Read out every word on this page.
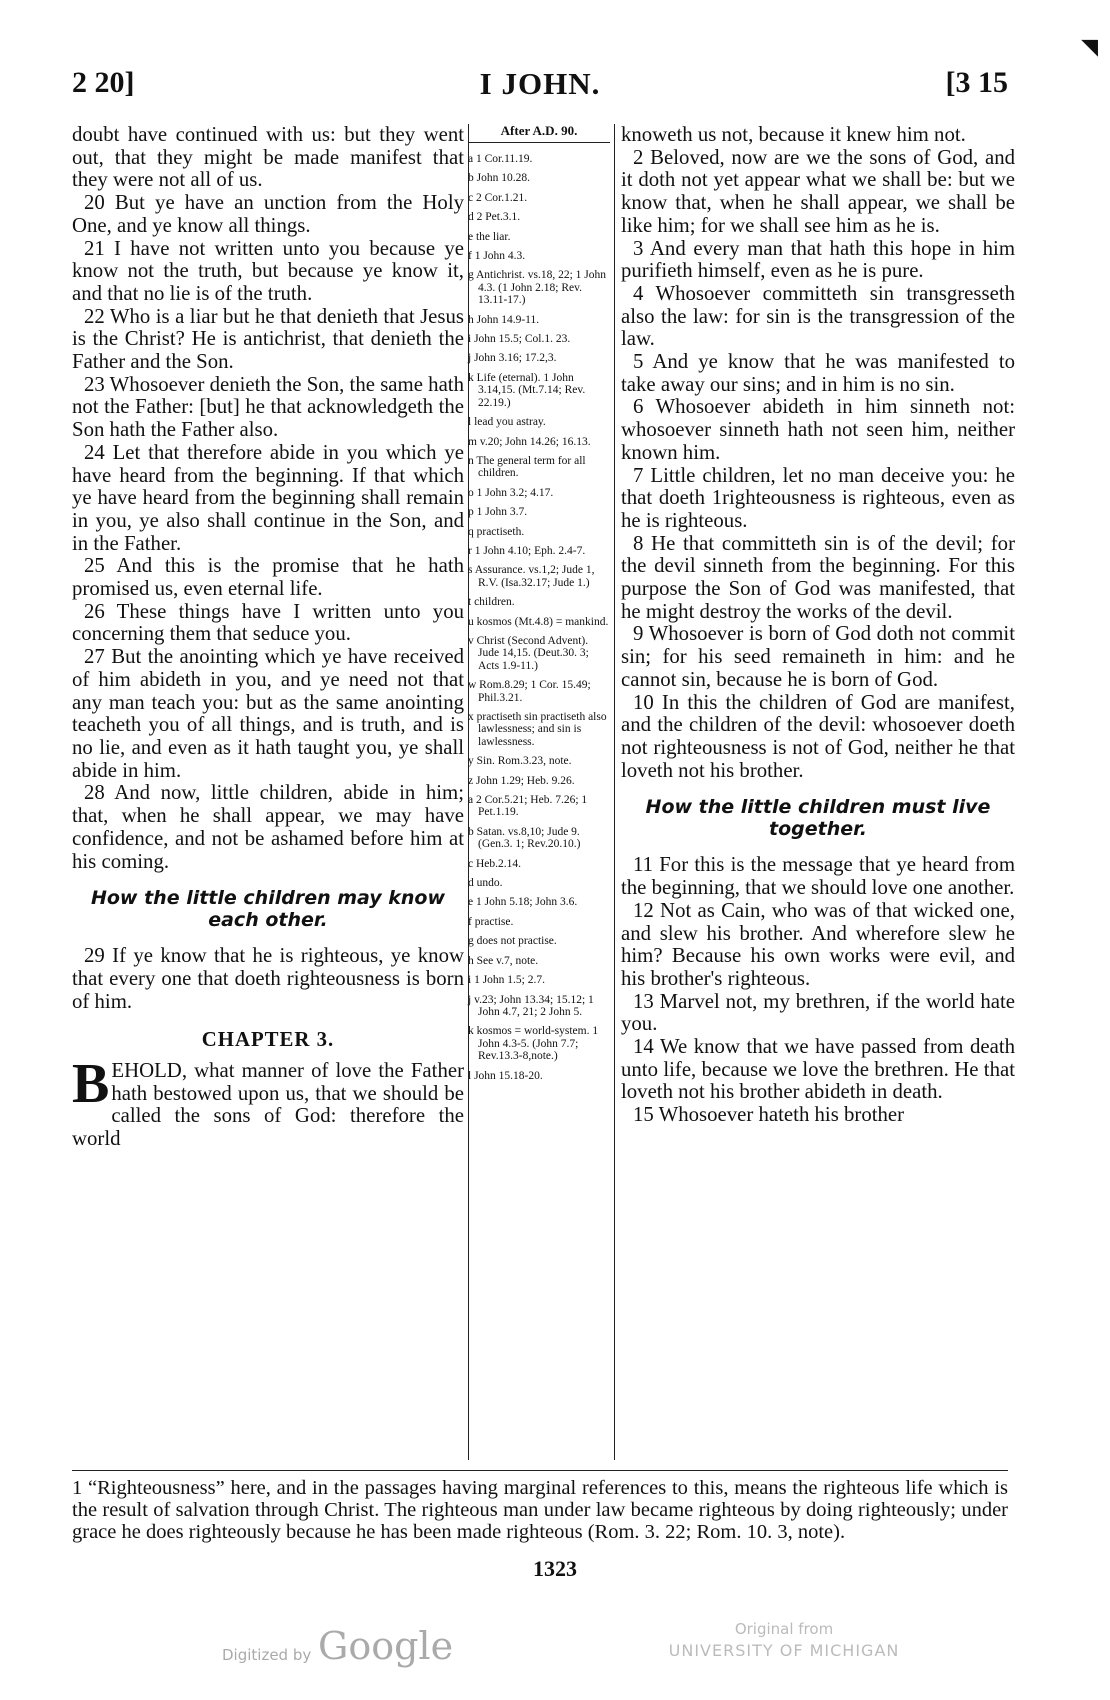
◥
I JOHN.
2 20]	[3 15

doubt have continued with us: but they went out, that they might be made manifest that they were not all of us.

20 But ye have an unction from the Holy One, and ye know all things.

21 I have not written unto you because ye know not the truth, but because ye know it, and that no lie is of the truth.

22 Who is a liar but he that denieth that Jesus is the Christ? He is antichrist, that denieth the Father and the Son.

23 Whosoever denieth the Son, the same hath not the Father: [but] he that acknowledgeth the Son hath the Father also.

24 Let that therefore abide in you which ye have heard from the beginning. If that which ye have heard from the beginning shall remain in you, ye also shall continue in the Son, and in the Father.

25 And this is the promise that he hath promised us, even eternal life.

26 These things have I written unto you concerning them that seduce you.

27 But the anointing which ye have received of him abideth in you, and ye need not that any man teach you: but as the same anointing teacheth you of all things, and is truth, and is no lie, and even as it hath taught you, ye shall abide in him.

28 And now, little children, abide in him; that, when he shall appear, we may have confidence, and not be ashamed before him at his coming.

How the little children may know each other.

29 If ye know that he is righteous, ye know that every one that doeth righteousness is born of him.

CHAPTER 3.

BEHOLD, what manner of love the Father hath bestowed upon us, that we should be called the sons of God: therefore the world

After A.D. 90.
a 1 Cor.11.19.
b John 10.28.
c 2 Cor.1.21.
d 2 Pet.3.1.
e the liar.
f 1 John 4.3.
g Antichrist. vs.18, 22; 1 John 4.3. (1 John 2.18; Rev. 13.11-17.)
h John 14.9-11.
i John 15.5; Col.1. 23.
j John 3.16; 17.2,3.
k Life (eternal). 1 John 3.14,15. (Mt.7.14; Rev. 22.19.)
l lead you astray.
m v.20; John 14.26; 16.13.
n The general term for all children.
o 1 John 3.2; 4.17.
p 1 John 3.7.
q practiseth.
r 1 John 4.10; Eph. 2.4-7.
s Assurance. vs.1,2; Jude 1, R.V. (Isa.32.17; Jude 1.)
t children.
u kosmos (Mt.4.8) = mankind.
v Christ (Second Advent). Jude 14,15. (Deut.30. 3; Acts 1.9-11.)
w Rom.8.29; 1 Cor. 15.49; Phil.3.21.
x practiseth sin practiseth also lawlessness; and sin is lawlessness.
y Sin. Rom.3.23, note.
z John 1.29; Heb. 9.26.
a 2 Cor.5.21; Heb. 7.26; 1 Pet.1.19.
b Satan. vs.8,10; Jude 9. (Gen.3. 1; Rev.20.10.)
c Heb.2.14.
d undo.
e 1 John 5.18; John 3.6.
f practise.
g does not practise.
h See v.7, note.
i 1 John 1.5; 2.7.
j v.23; John 13.34; 15.12; 1 John 4.7, 21; 2 John 5.
k kosmos = world-system. 1 John 4.3-5. (John 7.7; Rev.13.3-8,note.)
l John 15.18-20.

knoweth us not, because it knew him not.

2 Beloved, now are we the sons of God, and it doth not yet appear what we shall be: but we know that, when he shall appear, we shall be like him; for we shall see him as he is.

3 And every man that hath this hope in him purifieth himself, even as he is pure.

4 Whosoever committeth sin transgresseth also the law: for sin is the transgression of the law.

5 And ye know that he was manifested to take away our sins; and in him is no sin.

6 Whosoever abideth in him sinneth not: whosoever sinneth hath not seen him, neither known him.

7 Little children, let no man deceive you: he that doeth 1righteousness is righteous, even as he is righteous.

8 He that committeth sin is of the devil; for the devil sinneth from the beginning. For this purpose the Son of God was manifested, that he might destroy the works of the devil.

9 Whosoever is born of God doth not commit sin; for his seed remaineth in him: and he cannot sin, because he is born of God.

10 In this the children of God are manifest, and the children of the devil: whosoever doeth not righteousness is not of God, neither he that loveth not his brother.

How the little children must live together.

11 For this is the message that ye heard from the beginning, that we should love one another.

12 Not as Cain, who was of that wicked one, and slew his brother. And wherefore slew he him? Because his own works were evil, and his brother's righteous.

13 Marvel not, my brethren, if the world hate you.

14 We know that we have passed from death unto life, because we love the brethren. He that loveth not his brother abideth in death.

15 Whosoever hateth his brother

1 “Righteousness” here, and in the passages having marginal references to this, means the righteous life which is the result of salvation through Christ. The righteous man under law became righteous by doing righteously; under grace he does righteously because he has been made righteous (Rom. 3. 22; Rom. 10. 3, note).
1323
Digitized by Google	Original from
UNIVERSITY OF MICHIGAN
